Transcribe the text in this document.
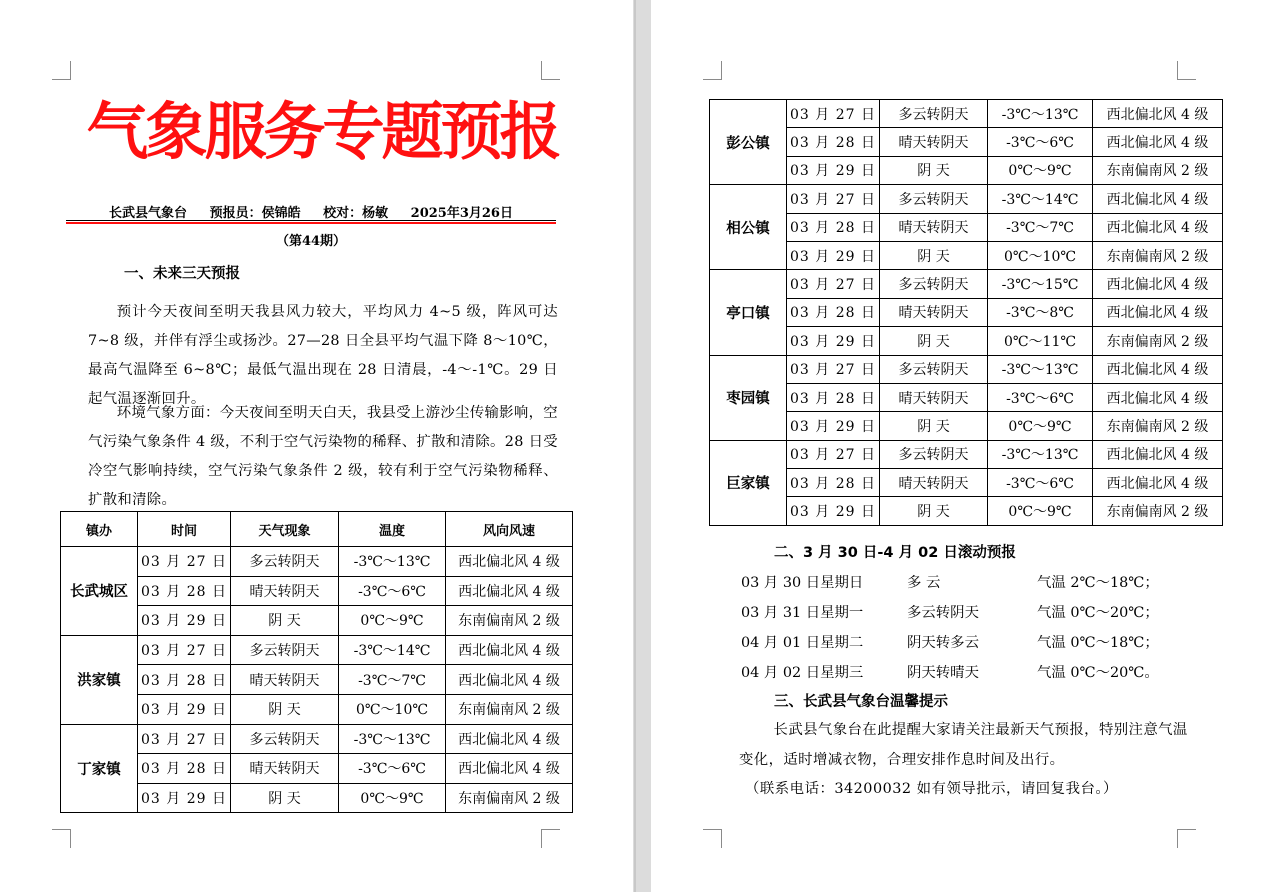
气象服务专题预报
长武县气象台 预报员：侯锦皓 校对：杨敏 2025年3月26日
（第44期）
一、未来三天预报

预计今天夜间至明天我县风力较大，平均风力 4~5 级，阵风可达 7~8 级，并伴有浮尘或扬沙。27—28 日全县平均气温下降 8～10℃，最高气温降至 6~8℃；最低气温出现在 28 日清晨，-4～-1℃。29 日起气温逐渐回升。

环境气象方面：今天夜间至明天白天，我县受上游沙尘传输影响，空气污染气象条件 4 级，不利于空气污染物的稀释、扩散和清除。28 日受冷空气影响持续，空气污染气象条件 2 级，较有利于空气污染物稀释、扩散和清除。

镇办	时间	天气现象	温度	风向风速
长武城区	03 月 27 日	多云转阴天	-3℃～13℃	西北偏北风 4 级
	03 月 28 日	晴天转阴天	-3℃～6℃	西北偏北风 4 级
	03 月 29 日	阴 天	0℃～9℃	东南偏南风 2 级
洪家镇	03 月 27 日	多云转阴天	-3℃～14℃	西北偏北风 4 级
	03 月 28 日	晴天转阴天	-3℃～7℃	西北偏北风 4 级
	03 月 29 日	阴 天	0℃～10℃	东南偏南风 2 级
丁家镇	03 月 27 日	多云转阴天	-3℃～13℃	西北偏北风 4 级
	03 月 28 日	晴天转阴天	-3℃～6℃	西北偏北风 4 级
	03 月 29 日	阴 天	0℃～9℃	东南偏南风 2 级
彭公镇	03 月 27 日	多云转阴天	-3℃～13℃	西北偏北风 4 级
	03 月 28 日	晴天转阴天	-3℃～6℃	西北偏北风 4 级
	03 月 29 日	阴 天	0℃～9℃	东南偏南风 2 级
相公镇	03 月 27 日	多云转阴天	-3℃～14℃	西北偏北风 4 级
	03 月 28 日	晴天转阴天	-3℃～7℃	西北偏北风 4 级
	03 月 29 日	阴 天	0℃～10℃	东南偏南风 2 级
亭口镇	03 月 27 日	多云转阴天	-3℃～15℃	西北偏北风 4 级
	03 月 28 日	晴天转阴天	-3℃～8℃	西北偏北风 4 级
	03 月 29 日	阴 天	0℃～11℃	东南偏南风 2 级
枣园镇	03 月 27 日	多云转阴天	-3℃～13℃	西北偏北风 4 级
	03 月 28 日	晴天转阴天	-3℃～6℃	西北偏北风 4 级
	03 月 29 日	阴 天	0℃～9℃	东南偏南风 2 级
巨家镇	03 月 27 日	多云转阴天	-3℃～13℃	西北偏北风 4 级
	03 月 28 日	晴天转阴天	-3℃～6℃	西北偏北风 4 级
	03 月 29 日	阴 天	0℃～9℃	东南偏南风 2 级
二、3 月 30 日-4 月 02 日滚动预报
03 月 30 日星期日	多 云	气温 2℃～18℃；
03 月 31 日星期一	多云转阴天	气温 0℃～20℃；
04 月 01 日星期二	阴天转多云	气温 0℃～18℃；
04 月 02 日星期三	阴天转晴天	气温 0℃～20℃。
三、长武县气象台温馨提示

长武县气象台在此提醒大家请关注最新天气预报，特别注意气温变化，适时增减衣物，合理安排作息时间及出行。

（联系电话：34200032 如有领导批示，请回复我台。）
